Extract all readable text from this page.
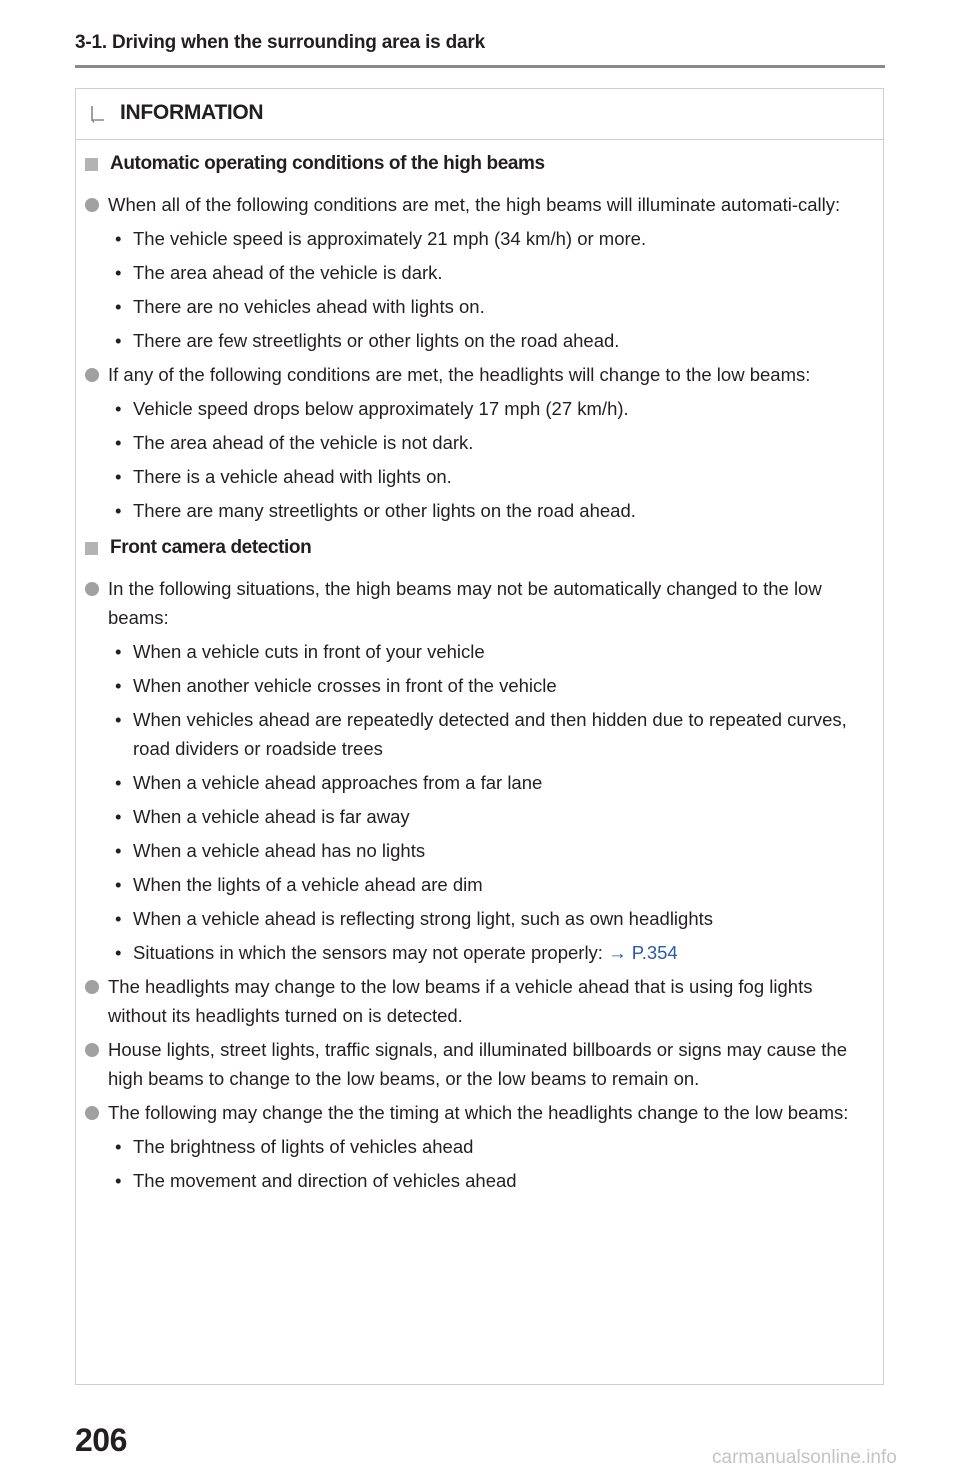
3-1. Driving when the surrounding area is dark
INFORMATION
Automatic operating conditions of the high beams
When all of the following conditions are met, the high beams will illuminate automati-cally:
• The vehicle speed is approximately 21 mph (34 km/h) or more.
• The area ahead of the vehicle is dark.
• There are no vehicles ahead with lights on.
• There are few streetlights or other lights on the road ahead.
If any of the following conditions are met, the headlights will change to the low beams:
• Vehicle speed drops below approximately 17 mph (27 km/h).
• The area ahead of the vehicle is not dark.
• There is a vehicle ahead with lights on.
• There are many streetlights or other lights on the road ahead.
Front camera detection
In the following situations, the high beams may not be automatically changed to the low beams:
• When a vehicle cuts in front of your vehicle
• When another vehicle crosses in front of the vehicle
• When vehicles ahead are repeatedly detected and then hidden due to repeated curves, road dividers or roadside trees
• When a vehicle ahead approaches from a far lane
• When a vehicle ahead is far away
• When a vehicle ahead has no lights
• When the lights of a vehicle ahead are dim
• When a vehicle ahead is reflecting strong light, such as own headlights
• Situations in which the sensors may not operate properly: → P.354
The headlights may change to the low beams if a vehicle ahead that is using fog lights without its headlights turned on is detected.
House lights, street lights, traffic signals, and illuminated billboards or signs may cause the high beams to change to the low beams, or the low beams to remain on.
The following may change the the timing at which the headlights change to the low beams:
• The brightness of lights of vehicles ahead
• The movement and direction of vehicles ahead
206	carmanualsonline.info
